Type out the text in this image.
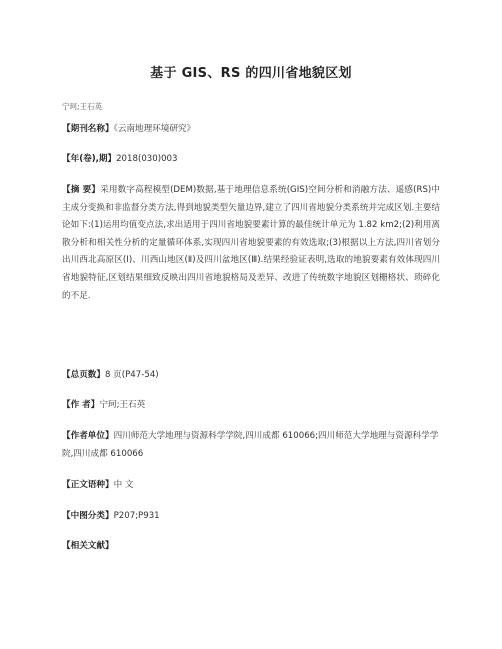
基于 GIS、RS 的四川省地貌区划
宁珂;王石英
【期刊名称】《云南地理环境研究》
【年(卷),期】2018(030)003
【摘 要】采用数字高程模型(DEM)数据,基于地理信息系统(GIS)空间分析和消融方法、遥感(RS)中主成分变换和非监督分类方法,得到地貌类型矢量边界,建立了四川省地貌分类系统并完成区划.主要结论如下:(1)运用均值变点法,求出适用于四川省地貌要素计算的最佳统计单元为 1.82 km2;(2)利用离散分析和相关性分析的定量循环体系,实现四川省地貌要素的有效选取;(3)根据以上方法,四川省划分出川西北高原区(Ⅰ)、川西山地区(Ⅱ)及四川盆地区(Ⅲ).结果经验证表明,选取的地貌要素有效体现四川省地貌特征,区划结果细致反映出四川省地貌格局及差异、改进了传统数字地貌区划栅格状、琐碎化的不足.
【总页数】8 页(P47-54)
【作 者】宁珂;王石英
【作者单位】四川师范大学地理与资源科学学院,四川成都 610066;四川师范大学地理与资源科学学院,四川成都 610066
【正文语种】中 文
【中图分类】P207;P931
【相关文献】
